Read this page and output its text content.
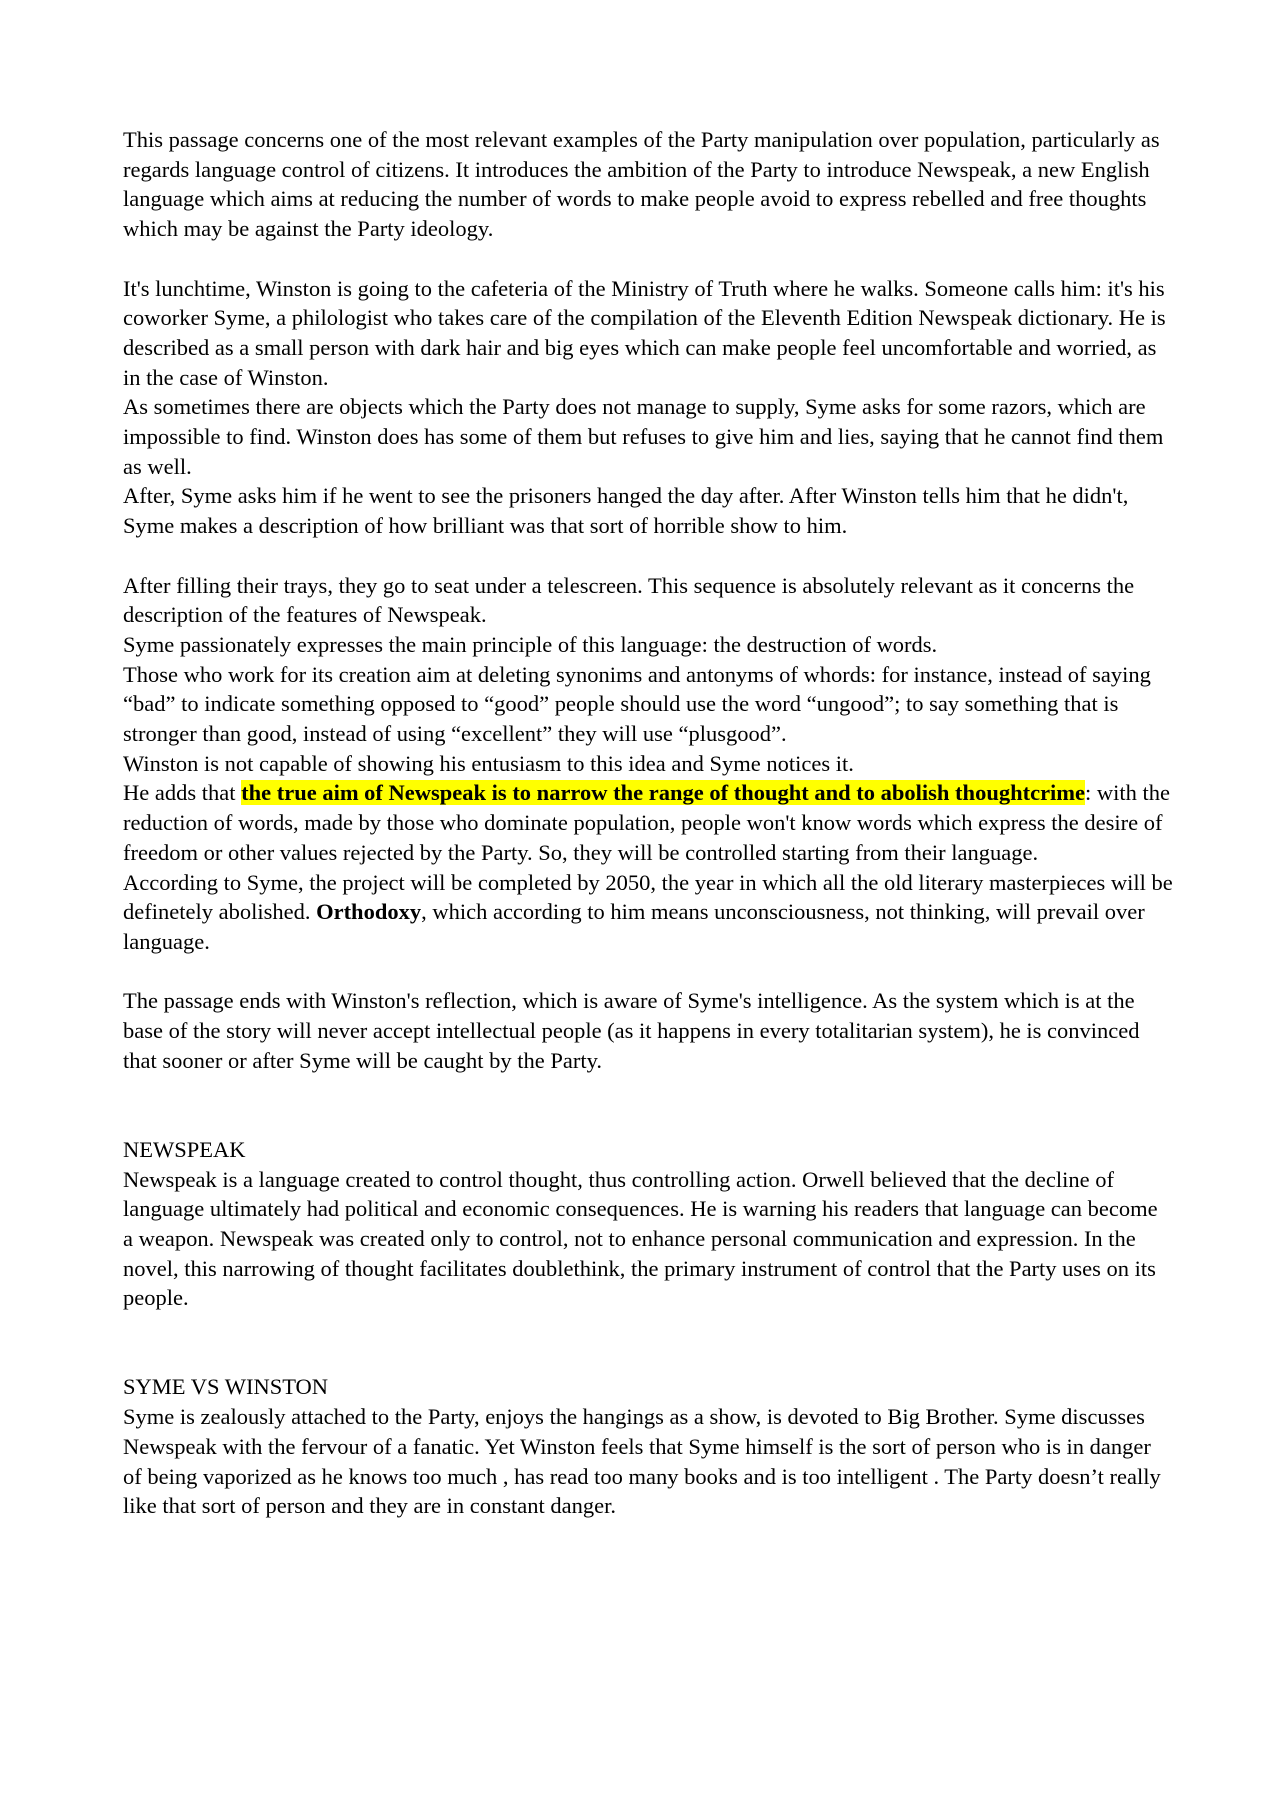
This passage concerns one of the most relevant examples of the Party manipulation over population, particularly as regards language control of citizens. It introduces the ambition of the Party to introduce Newspeak, a new English language which aims at reducing the number of words to make people avoid to express rebelled and free thoughts which may be against the Party ideology.

It's lunchtime, Winston is going to the cafeteria of the Ministry of Truth where he walks. Someone calls him: it's his coworker Syme, a philologist who takes care of the compilation of the Eleventh Edition Newspeak dictionary. He is described as a small person with dark hair and big eyes which can make people feel uncomfortable and worried, as in the case of Winston.

As sometimes there are objects which the Party does not manage to supply, Syme asks for some razors, which are impossible to find. Winston does has some of them but refuses to give him and lies, saying that he cannot find them as well.

After, Syme asks him if he went to see the prisoners hanged the day after. After Winston tells him that he didn't, Syme makes a description of how brilliant was that sort of horrible show to him.

After filling their trays, they go to seat under a telescreen. This sequence is absolutely relevant as it concerns the description of the features of Newspeak.

Syme passionately expresses the main principle of this language: the destruction of words.

Those who work for its creation aim at deleting synonims and antonyms of whords: for instance, instead of saying “bad” to indicate something opposed to “good” people should use the word “ungood”; to say something that is stronger than good, instead of using “excellent” they will use “plusgood”.

Winston is not capable of showing his entusiasm to this idea and Syme notices it.

He adds that the true aim of Newspeak is to narrow the range of thought and to abolish thoughtcrime: with the reduction of words, made by those who dominate population, people won't know words which express the desire of freedom or other values rejected by the Party. So, they will be controlled starting from their language.

According to Syme, the project will be completed by 2050, the year in which all the old literary masterpieces will be definetely abolished. Orthodoxy, which according to him means unconsciousness, not thinking, will prevail over language.

The passage ends with Winston's reflection, which is aware of Syme's intelligence. As the system which is at the base of the story will never accept intellectual people (as it happens in every totalitarian system), he is convinced that sooner or after Syme will be caught by the Party.

NEWSPEAK

Newspeak is a language created to control thought, thus controlling action. Orwell believed that the decline of language ultimately had political and economic consequences. He is warning his readers that language can become a weapon. Newspeak was created only to control, not to enhance personal communication and expression. In the novel, this narrowing of thought facilitates doublethink, the primary instrument of control that the Party uses on its people.

SYME VS WINSTON

Syme is zealously attached to the Party, enjoys the hangings as a show, is devoted to Big Brother. Syme discusses Newspeak with the fervour of a fanatic. Yet Winston feels that Syme himself is the sort of person who is in danger of being vaporized as he knows too much , has read too many books and is too intelligent . The Party doesn’t really like that sort of person and they are in constant danger.
